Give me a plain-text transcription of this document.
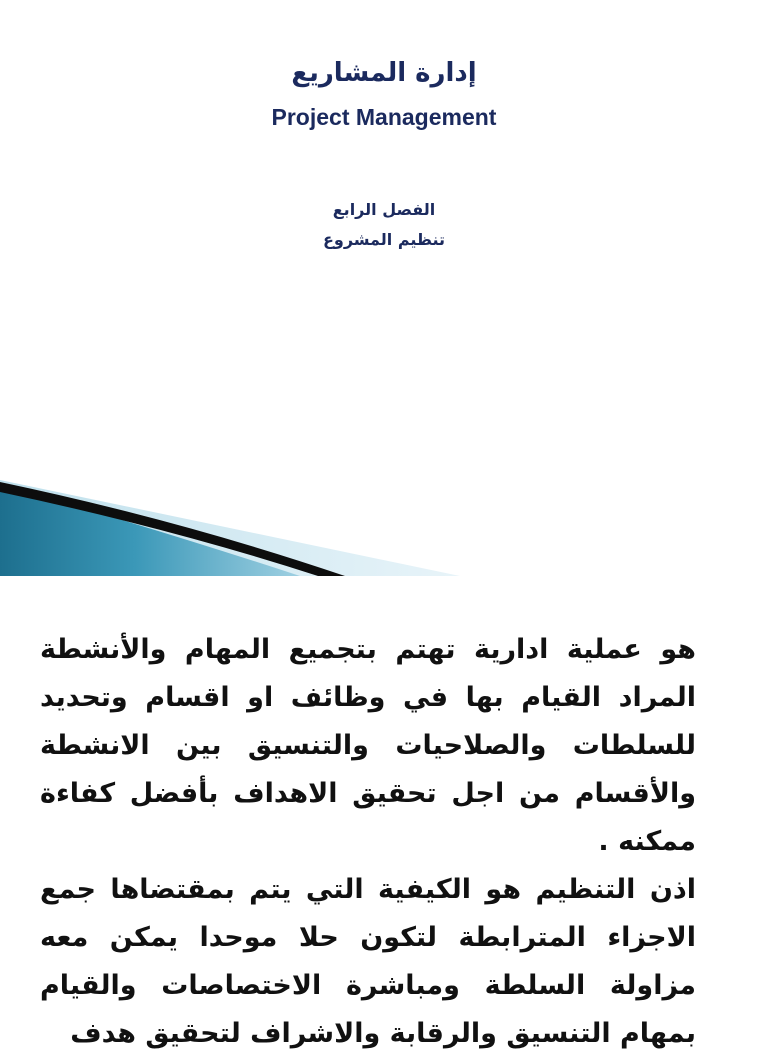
إدارة المشاريع
Project Management
الفصل الرابع
تنظيم المشروع

هو عملية ادارية تهتم بتجميع المهام والأنشطة المراد القيام بها في وظائف او اقسام وتحديد للسلطات والصلاحيات والتنسيق بين الانشطة والأقسام من اجل تحقيق الاهداف بأفضل كفاءة ممكنه .

اذن التنظيم هو الكيفية التي يتم بمقتضاها جمع الاجزاء المترابطة لتكون حلا موحدا يمكن معه مزاولة السلطة ومباشرة الاختصاصات والقيام بمهام التنسيق والرقابة والاشراف لتحقيق هدف
